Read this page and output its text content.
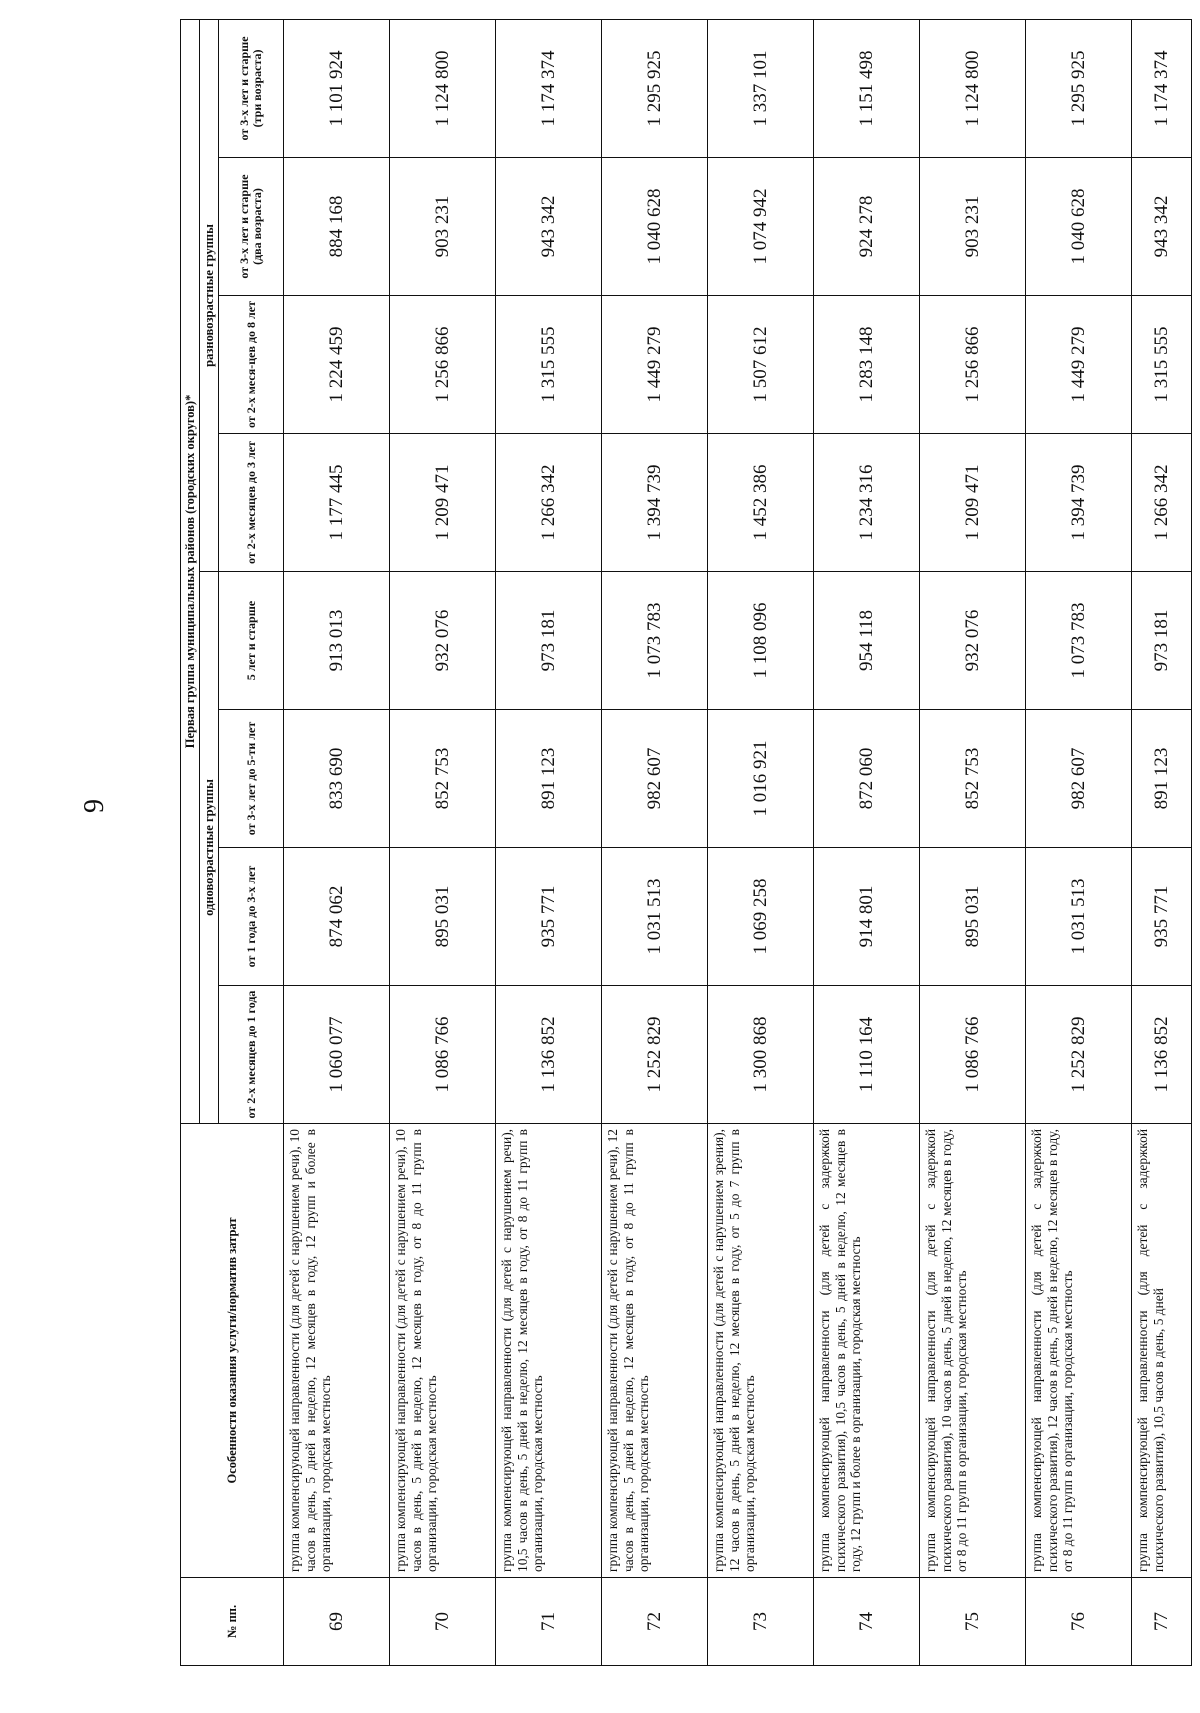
9
№ пп.	Особенности оказания услуги/норматив затрат	Первая группа муниципальных районов (городских округов)*							
		одновозрастные группы				разновозрастные группы			
		от 2-х месяцев до 1 года	от 1 года до 3-х лет	от 3-х лет до 5-ти лет	5 лет и старше	от 2-х месяцев до 3 лет	от 2-х меся-цев до 8 лет	от 3-х лет и старше (два возраста)	от 3-х лет и старше (три возраста)
69	группа компенсирующей направленности (для детей с нарушением речи), 10 часов в день, 5 дней в неделю, 12 месяцев в году, 12 групп и более в организации, городская местность	1 060 077	874 062	833 690	913 013	1 177 445	1 224 459	884 168	1 101 924
70	группа компенсирующей направленности (для детей с нарушением речи), 10 часов в день, 5 дней в неделю, 12 месяцев в году, от 8 до 11 групп в организации, городская местность	1 086 766	895 031	852 753	932 076	1 209 471	1 256 866	903 231	1 124 800
71	группа компенсирующей направленности (для детей с нарушением речи), 10,5 часов в день, 5 дней в неделю, 12 месяцев в году, от 8 до 11 групп в организации, городская местность	1 136 852	935 771	891 123	973 181	1 266 342	1 315 555	943 342	1 174 374
72	группа компенсирующей направленности (для детей с нарушением речи), 12 часов в день, 5 дней в неделю, 12 месяцев в году, от 8 до 11 групп в организации, городская местность	1 252 829	1 031 513	982 607	1 073 783	1 394 739	1 449 279	1 040 628	1 295 925
73	группа компенсирующей направленности (для детей с нарушением зрения), 12 часов в день, 5 дней в неделю, 12 месяцев в году, от 5 до 7 групп в организации, городская местность	1 300 868	1 069 258	1 016 921	1 108 096	1 452 386	1 507 612	1 074 942	1 337 101
74	группа компенсирующей направленности (для детей с задержкой психического развития), 10,5 часов в день, 5 дней в неделю, 12 месяцев в году, 12 групп и более в организации, городская местность	1 110 164	914 801	872 060	954 118	1 234 316	1 283 148	924 278	1 151 498
75	группа компенсирующей направленности (для детей с задержкой психического развития), 10 часов в день, 5 дней в неделю, 12 месяцев в году, от 8 до 11 групп в организации, городская местность	1 086 766	895 031	852 753	932 076	1 209 471	1 256 866	903 231	1 124 800
76	группа компенсирующей направленности (для детей с задержкой психического развития), 12 часов в день, 5 дней в неделю, 12 месяцев в году, от 8 до 11 групп в организации, городская местность	1 252 829	1 031 513	982 607	1 073 783	1 394 739	1 449 279	1 040 628	1 295 925
77	группа компенсирующей направленности (для детей с задержкой психического развития), 10,5 часов в день, 5 дней	1 136 852	935 771	891 123	973 181	1 266 342	1 315 555	943 342	1 174 374
